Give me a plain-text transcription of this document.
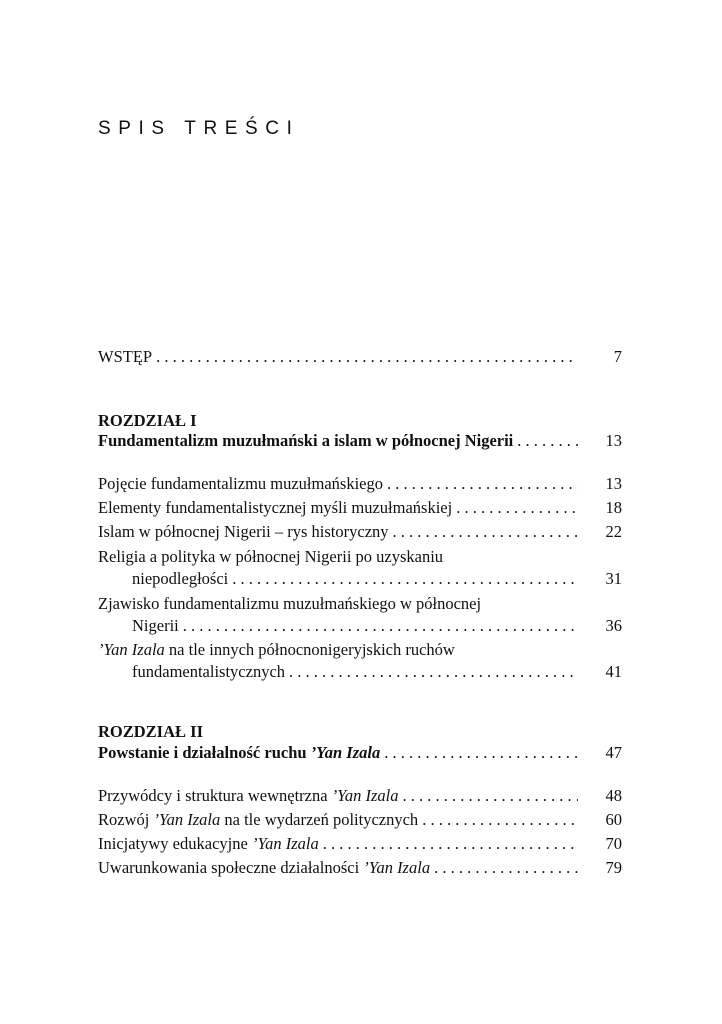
SPIS TREŚCI
WSTĘP . . .	7
ROZDZIAŁ I
Fundamentalizm muzułmański a islam w północnej Nigerii . . .	13
Pojęcie fundamentalizmu muzułmańskiego . . .	13
Elementy fundamentalistycznej myśli muzułmańskiej . . .	18
Islam w północnej Nigerii – rys historyczny . . .	22
Religia a polityka w północnej Nigerii po uzyskaniu
niepodległości . . .	31
Zjawisko fundamentalizmu muzułmańskiego w północnej
Nigerii . . .	36
’Yan Izala na tle innych północnonigeryjskich ruchów
fundamentalistycznych . . .	41
ROZDZIAŁ II
Powstanie i działalność ruchu ’Yan Izala . . .	47
Przywódcy i struktura wewnętrzna ’Yan Izala . . .	48
Rozwój ’Yan Izala na tle wydarzeń politycznych . . .	60
Inicjatywy edukacyjne ’Yan Izala . . .	70
Uwarunkowania społeczne działalności ’Yan Izala . . .	79
